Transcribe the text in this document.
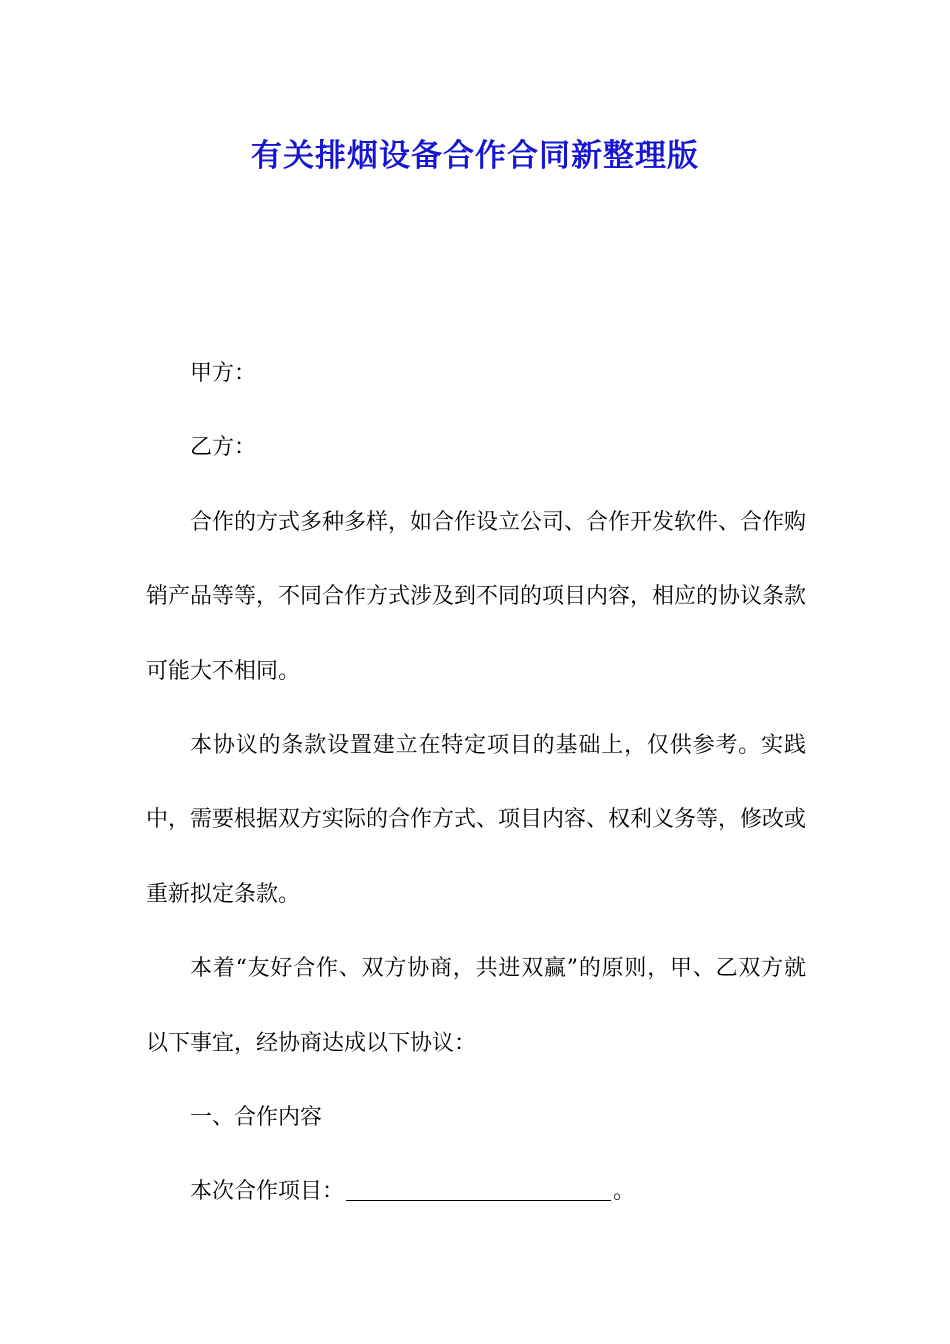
有关排烟设备合作合同新整理版

甲方：

乙方：

合作的方式多种多样，如合作设立公司、合作开发软件、合作购销产品等等，不同合作方式涉及到不同的项目内容，相应的协议条款可能大不相同。

本协议的条款设置建立在特定项目的基础上，仅供参考。实践中，需要根据双方实际的合作方式、项目内容、权利义务等，修改或重新拟定条款。

本着“友好合作、双方协商，共进双赢”的原则，甲、乙双方就以下事宜，经协商达成以下协议：

一、合作内容

本次合作项目：	。
